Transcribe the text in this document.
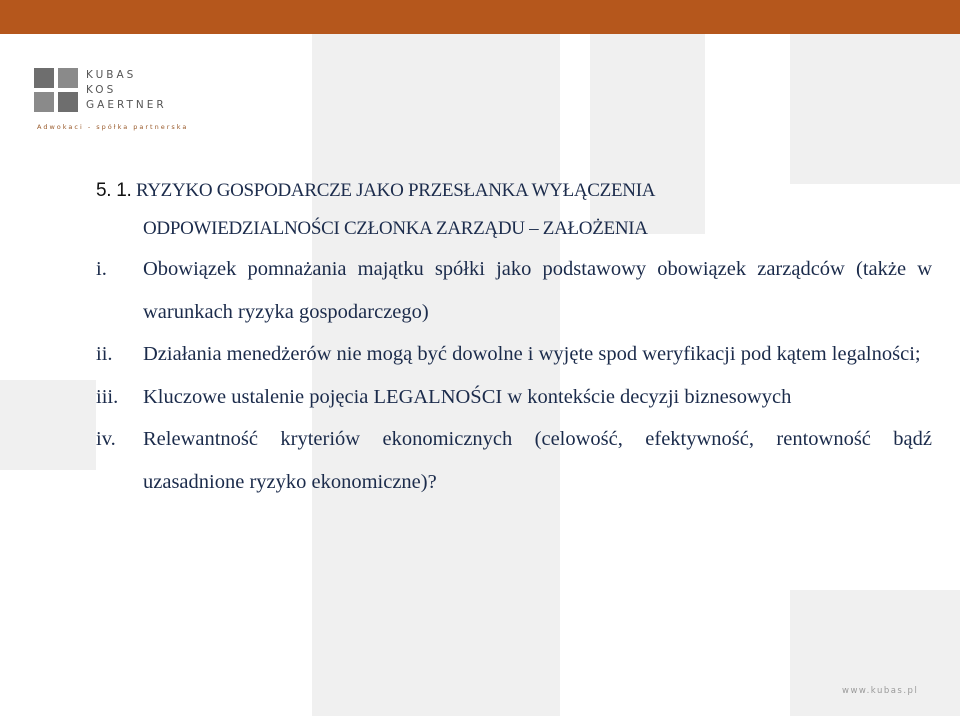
KUBAS
KOS
GAERTNER
Adwokaci - spółka partnerska
5. 1. RYZYKO GOSPODARCZE JAKO PRZESŁANKA WYŁĄCZENIA
ODPOWIEDZIALNOŚCI CZŁONKA ZARZĄDU – ZAŁOŻENIA
i. Obowiązek pomnażania majątku spółki jako podstawowy obowiązek zarządców (także w warunkach ryzyka gospodarczego)
ii. Działania menedżerów nie mogą być dowolne i wyjęte spod weryfikacji pod kątem legalności;
iii. Kluczowe ustalenie pojęcia LEGALNOŚCI w kontekście decyzji biznesowych
iv. Relewantność kryteriów ekonomicznych (celowość, efektywność, rentowność bądź uzasadnione ryzyko ekonomiczne)?
www.kubas.pl
